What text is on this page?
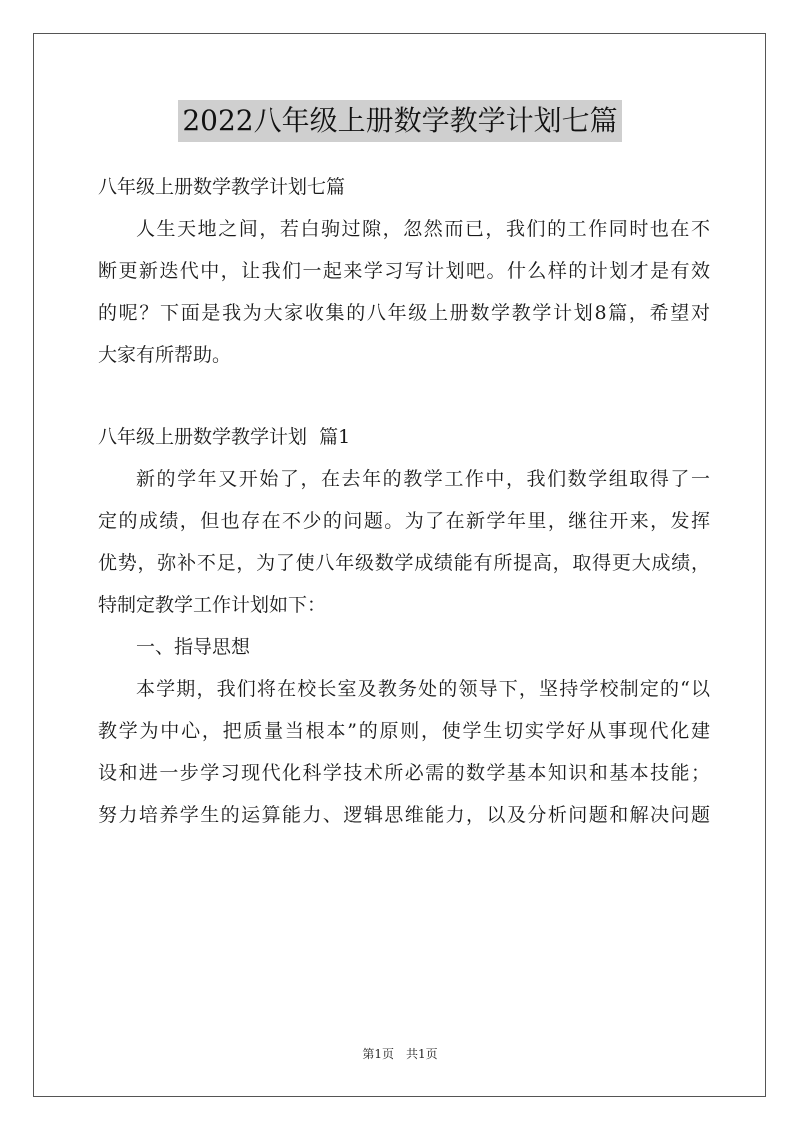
2022八年级上册数学教学计划七篇
八年级上册数学教学计划七篇
人生天地之间，若白驹过隙，忽然而已，我们的工作同时也在不
断更新迭代中，让我们一起来学习写计划吧。什么样的计划才是有效
的呢？下面是我为大家收集的八年级上册数学教学计划8篇，希望对
大家有所帮助。
八年级上册数学教学计划  篇1
新的学年又开始了，在去年的教学工作中，我们数学组取得了一
定的成绩，但也存在不少的问题。为了在新学年里，继往开来，发挥
优势，弥补不足，为了使八年级数学成绩能有所提高，取得更大成绩，
特制定教学工作计划如下：
一、指导思想
本学期，我们将在校长室及教务处的领导下，坚持学校制定的“以
教学为中心，把质量当根本”的原则，使学生切实学好从事现代化建
设和进一步学习现代化科学技术所必需的数学基本知识和基本技能；
努力培养学生的运算能力、逻辑思维能力，以及分析问题和解决问题
第1页　共1页
